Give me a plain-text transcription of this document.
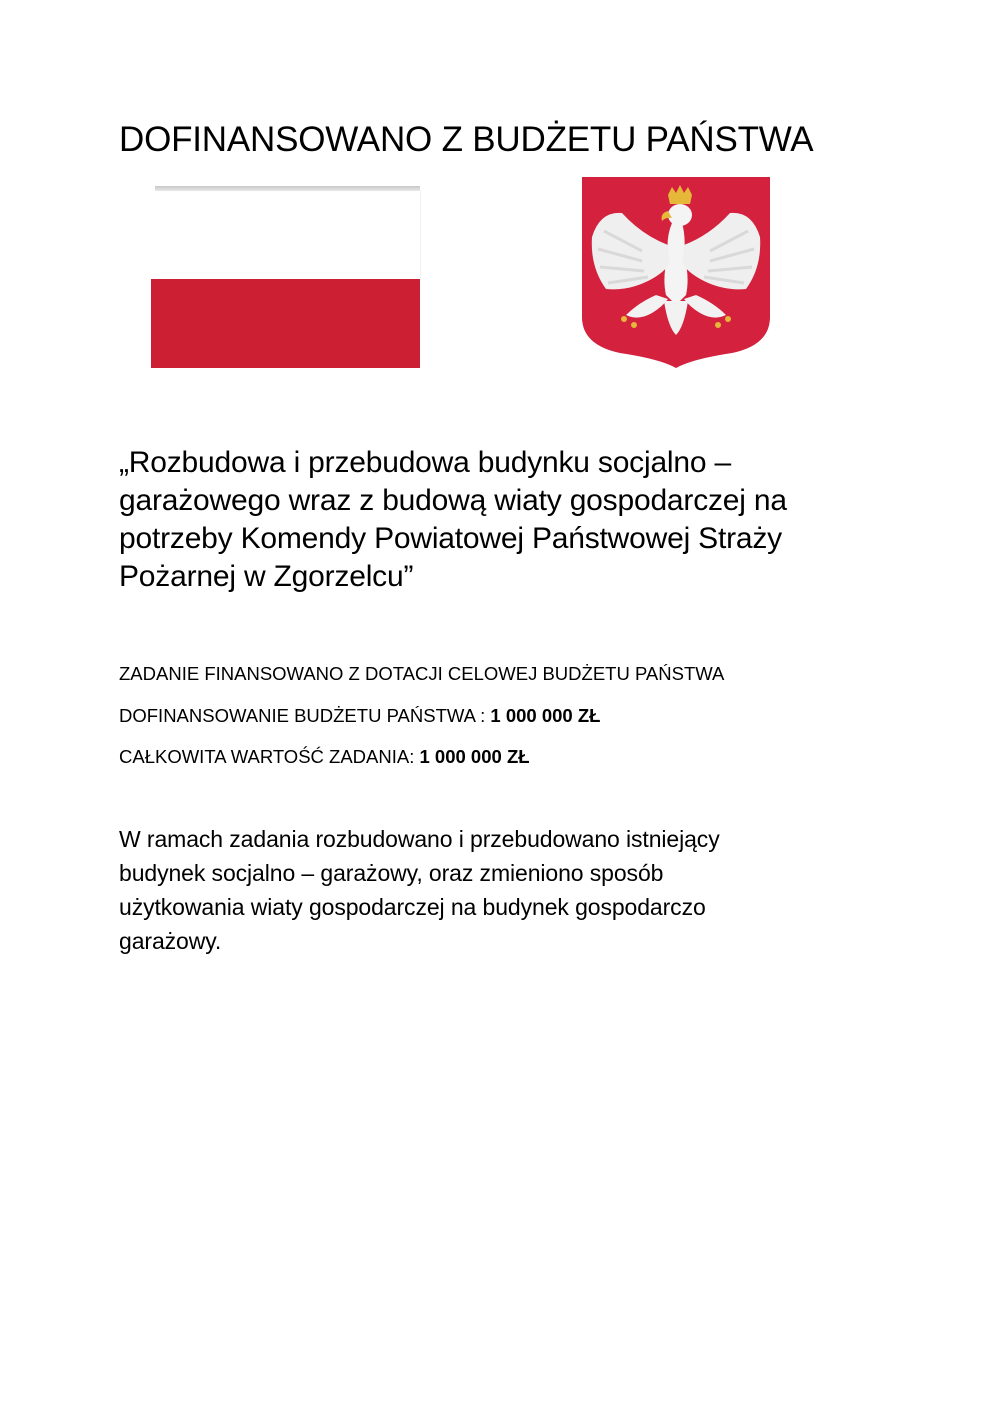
DOFINANSOWANO Z BUDŻETU PAŃSTWA
„Rozbudowa i przebudowa budynku socjalno –
garażowego wraz z budową wiaty gospodarczej na
potrzeby Komendy Powiatowej Państwowej Straży
Pożarnej w Zgorzelcu”
ZADANIE FINANSOWANO Z DOTACJI CELOWEJ BUDŻETU PAŃSTWA
DOFINANSOWANIE BUDŻETU PAŃSTWA : 1 000 000 ZŁ
CAŁKOWITA WARTOŚĆ ZADANIA: 1 000 000 ZŁ
W ramach zadania rozbudowano i przebudowano istniejący
budynek socjalno – garażowy, oraz zmieniono sposób
użytkowania wiaty gospodarczej na budynek gospodarczo
garażowy.
